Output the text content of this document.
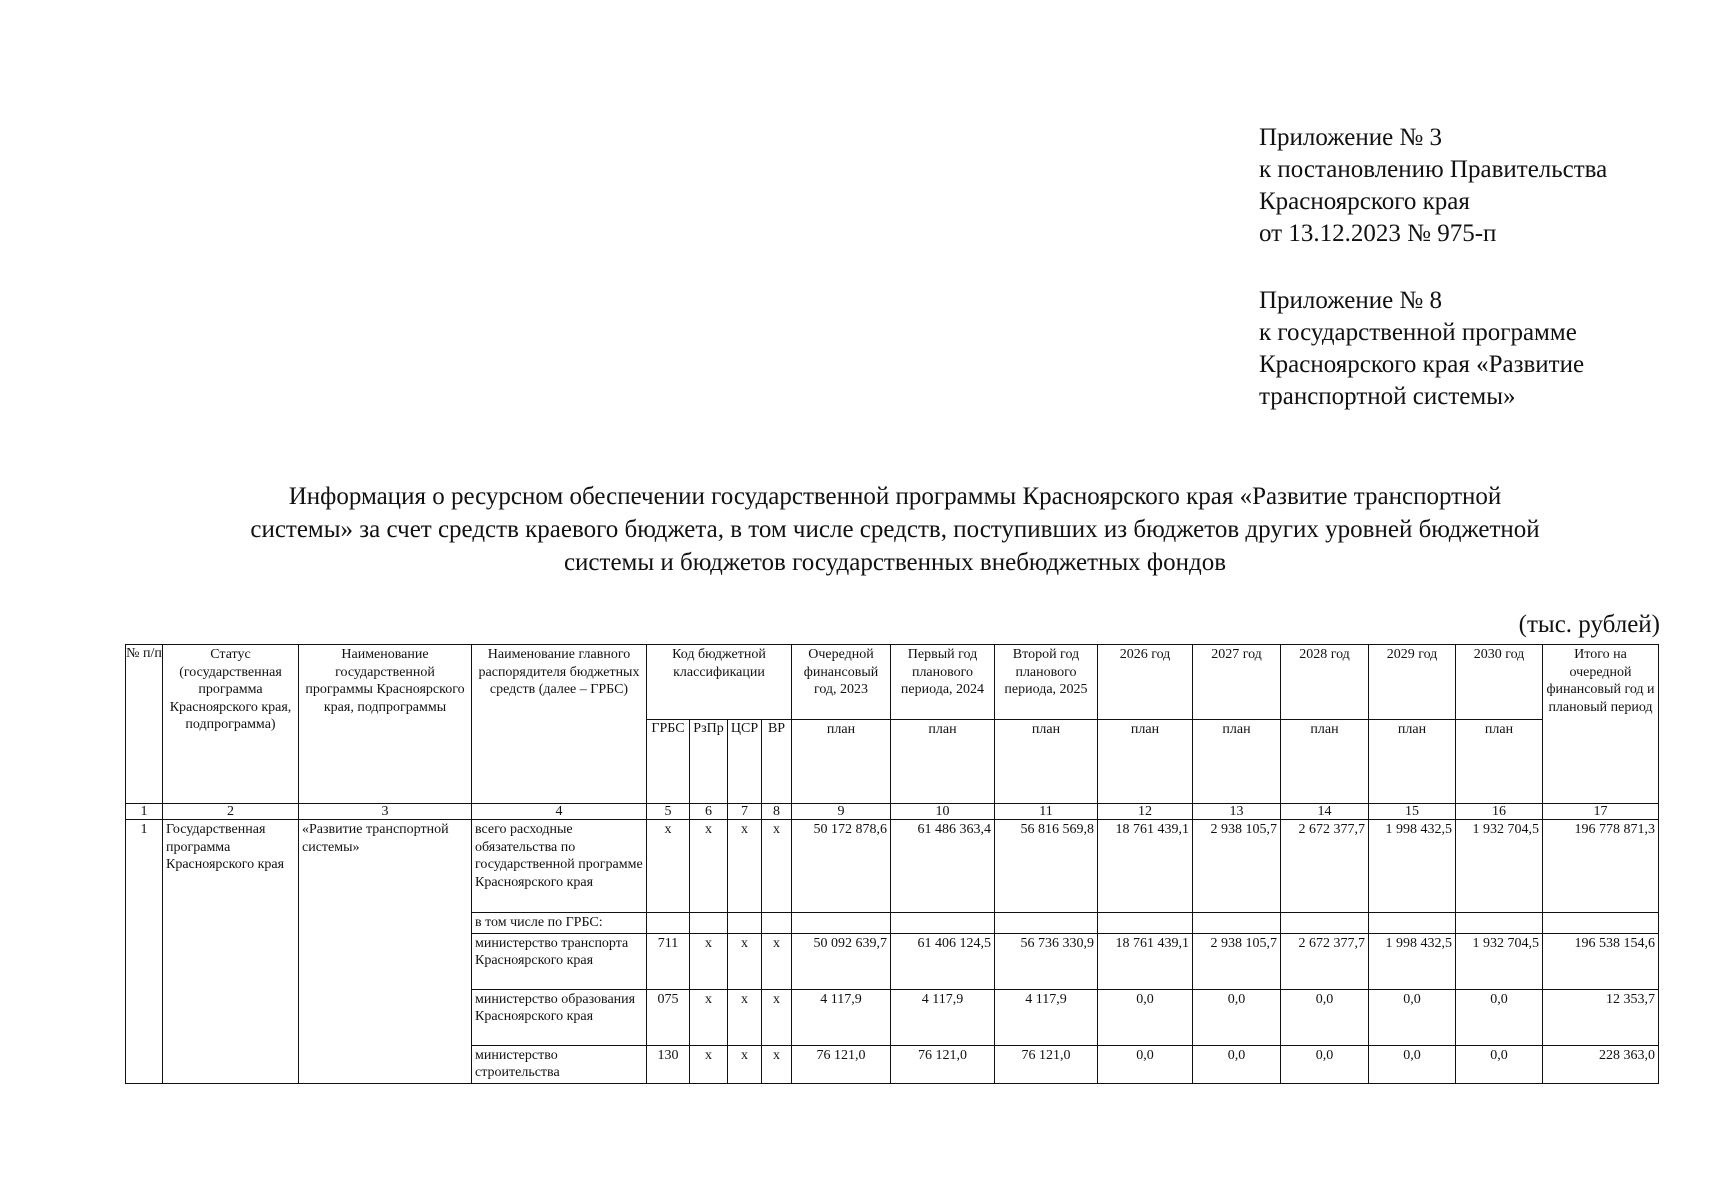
Приложение № 3
к постановлению Правительства
Красноярского края
от 13.12.2023 № 975-п
Приложение № 8
к государственной программе
Красноярского края «Развитие
транспортной системы»
Информация о ресурсном обеспечении государственной программы Красноярского края «Развитие транспортной
системы» за счет средств краевого бюджета, в том числе средств, поступивших из бюджетов других уровней бюджетной
системы и бюджетов государственных внебюджетных фондов
(тыс. рублей)
№ п/п	Статус (государственная программа Красноярского края, подпрограмма)	Наименование государственной программы Красноярского края, подпрограммы	Наименование главного распорядителя бюджетных средств (далее – ГРБС)	Код бюджетной классификации				Очередной финансовый год, 2023	Первый год планового периода, 2024	Второй год планового периода, 2025	2026 год	2027 год	2028 год	2029 год	2030 год	Итого на очередной финансовый год и плановый период
				ГРБС	РзПр	ЦСР	ВР	план	план	план	план	план	план	план	план	
1	2	3	4	5	6	7	8	9	10	11	12	13	14	15	16	17
1	Государственная программа Красноярского края	«Развитие транспортной системы»	всего расходные обязательства по государственной программе Красноярского края	x	x	x	x	50 172 878,6	61 486 363,4	56 816 569,8	18 761 439,1	2 938 105,7	2 672 377,7	1 998 432,5	1 932 704,5	196 778 871,3
			в том числе по ГРБС:													
			министерство транспорта Красноярского края	711	x	x	x	50 092 639,7	61 406 124,5	56 736 330,9	18 761 439,1	2 938 105,7	2 672 377,7	1 998 432,5	1 932 704,5	196 538 154,6
			министерство образования Красноярского края	075	x	x	x	4 117,9	4 117,9	4 117,9	0,0	0,0	0,0	0,0	0,0	12 353,7
			министерство строительства	130	x	x	x	76 121,0	76 121,0	76 121,0	0,0	0,0	0,0	0,0	0,0	228 363,0
